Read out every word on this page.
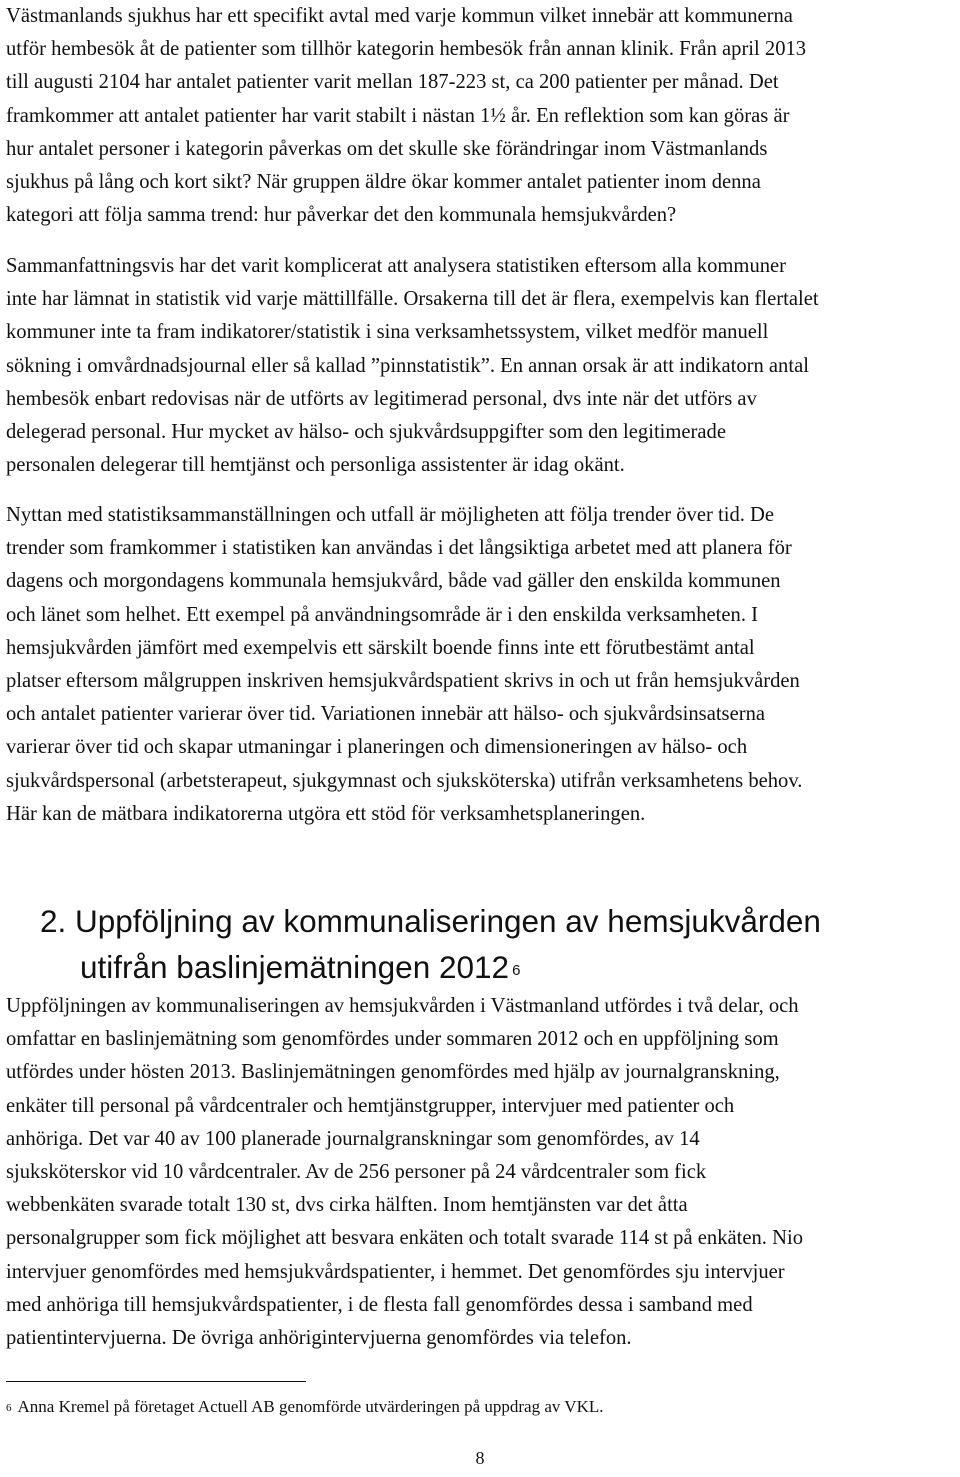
Västmanlands sjukhus har ett specifikt avtal med varje kommun vilket innebär att kommunerna
utför hembesök åt de patienter som tillhör kategorin hembesök från annan klinik. Från april 2013
till augusti 2104 har antalet patienter varit mellan 187-223 st, ca 200 patienter per månad. Det
framkommer att antalet patienter har varit stabilt i nästan 1½ år. En reflektion som kan göras är
hur antalet personer i kategorin påverkas om det skulle ske förändringar inom Västmanlands
sjukhus på lång och kort sikt? När gruppen äldre ökar kommer antalet patienter inom denna
kategori att följa samma trend: hur påverkar det den kommunala hemsjukvården?

Sammanfattningsvis har det varit komplicerat att analysera statistiken eftersom alla kommuner
inte har lämnat in statistik vid varje mättillfälle. Orsakerna till det är flera, exempelvis kan flertalet
kommuner inte ta fram indikatorer/statistik i sina verksamhetssystem, vilket medför manuell
sökning i omvårdnadsjournal eller så kallad ”pinnstatistik”. En annan orsak är att indikatorn antal
hembesök enbart redovisas när de utförts av legitimerad personal, dvs inte när det utförs av
delegerad personal. Hur mycket av hälso- och sjukvårdsuppgifter som den legitimerade
personalen delegerar till hemtjänst och personliga assistenter är idag okänt.

Nyttan med statistiksammanställningen och utfall är möjligheten att följa trender över tid. De
trender som framkommer i statistiken kan användas i det långsiktiga arbetet med att planera för
dagens och morgondagens kommunala hemsjukvård, både vad gäller den enskilda kommunen
och länet som helhet. Ett exempel på användningsområde är i den enskilda verksamheten. I
hemsjukvården jämfört med exempelvis ett särskilt boende finns inte ett förutbestämt antal
platser eftersom målgruppen inskriven hemsjukvårdspatient skrivs in och ut från hemsjukvården
och antalet patienter varierar över tid. Variationen innebär att hälso- och sjukvårdsinsatserna
varierar över tid och skapar utmaningar i planeringen och dimensioneringen av hälso- och
sjukvårdspersonal (arbetsterapeut, sjukgymnast och sjuksköterska) utifrån verksamhetens behov.
Här kan de mätbara indikatorerna utgöra ett stöd för verksamhetsplaneringen.

2. Uppföljning av kommunaliseringen av hemsjukvården
utifrån baslinjemätningen 2012 $^6$

Uppföljningen av kommunaliseringen av hemsjukvården i Västmanland utfördes i två delar, och
omfattar en baslinjemätning som genomfördes under sommaren 2012 och en uppföljning som
utfördes under hösten 2013. Baslinjemätningen genomfördes med hjälp av journalgranskning,
enkäter till personal på vårdcentraler och hemtjänstgrupper, intervjuer med patienter och
anhöriga. Det var 40 av 100 planerade journalgranskningar som genomfördes, av 14
sjuksköterskor vid 10 vårdcentraler. Av de 256 personer på 24 vårdcentraler som fick
webbenkäten svarade totalt 130 st, dvs cirka hälften. Inom hemtjänsten var det åtta
personalgrupper som fick möjlighet att besvara enkäten och totalt svarade 114 st på enkäten. Nio
intervjuer genomfördes med hemsjukvårdspatienter, i hemmet. Det genomfördes sju intervjuer
med anhöriga till hemsjukvårdspatienter, i de flesta fall genomfördes dessa i samband med
patientintervjuerna. De övriga anhörigintervjuerna genomfördes via telefon.

$^6$ Anna Kremel på företaget Actuell AB genomförde utvärderingen på uppdrag av VKL.

8
